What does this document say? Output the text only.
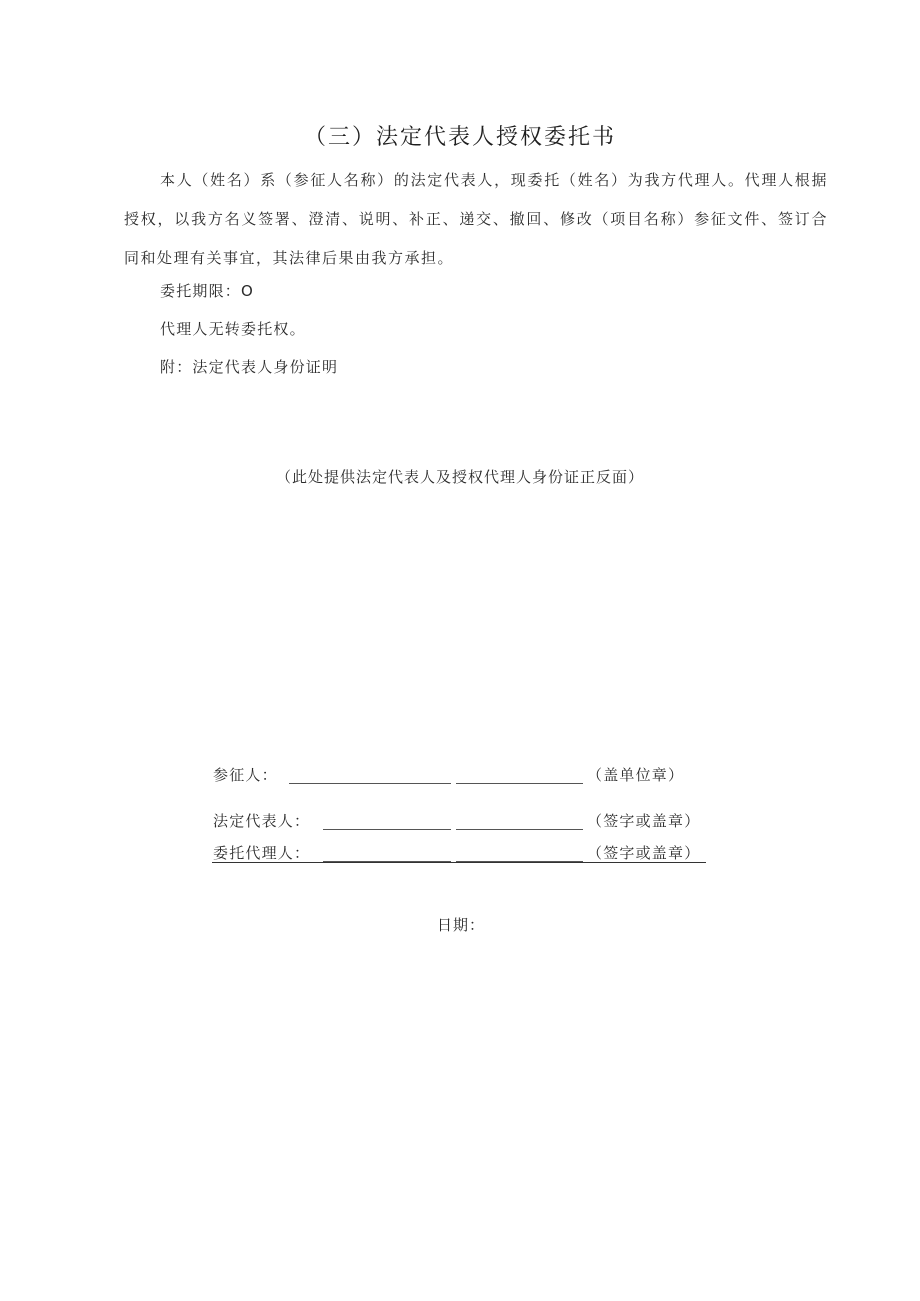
（三）法定代表人授权委托书
本人（姓名）系（参征人名称）的法定代表人，现委托（姓名）为我方代理人。代理人根据授权，以我方名义签署、澄清、说明、补正、递交、撤回、修改（项目名称）参征文件、签订合同和处理有关事宜，其法律后果由我方承担。
委托期限：O
代理人无转委托权。
附：法定代表人身份证明
（此处提供法定代表人及授权代理人身份证正反面）
参征人：	（盖单位章）
法定代表人：	（签字或盖章）
委托代理人：	（签字或盖章）
日期：
